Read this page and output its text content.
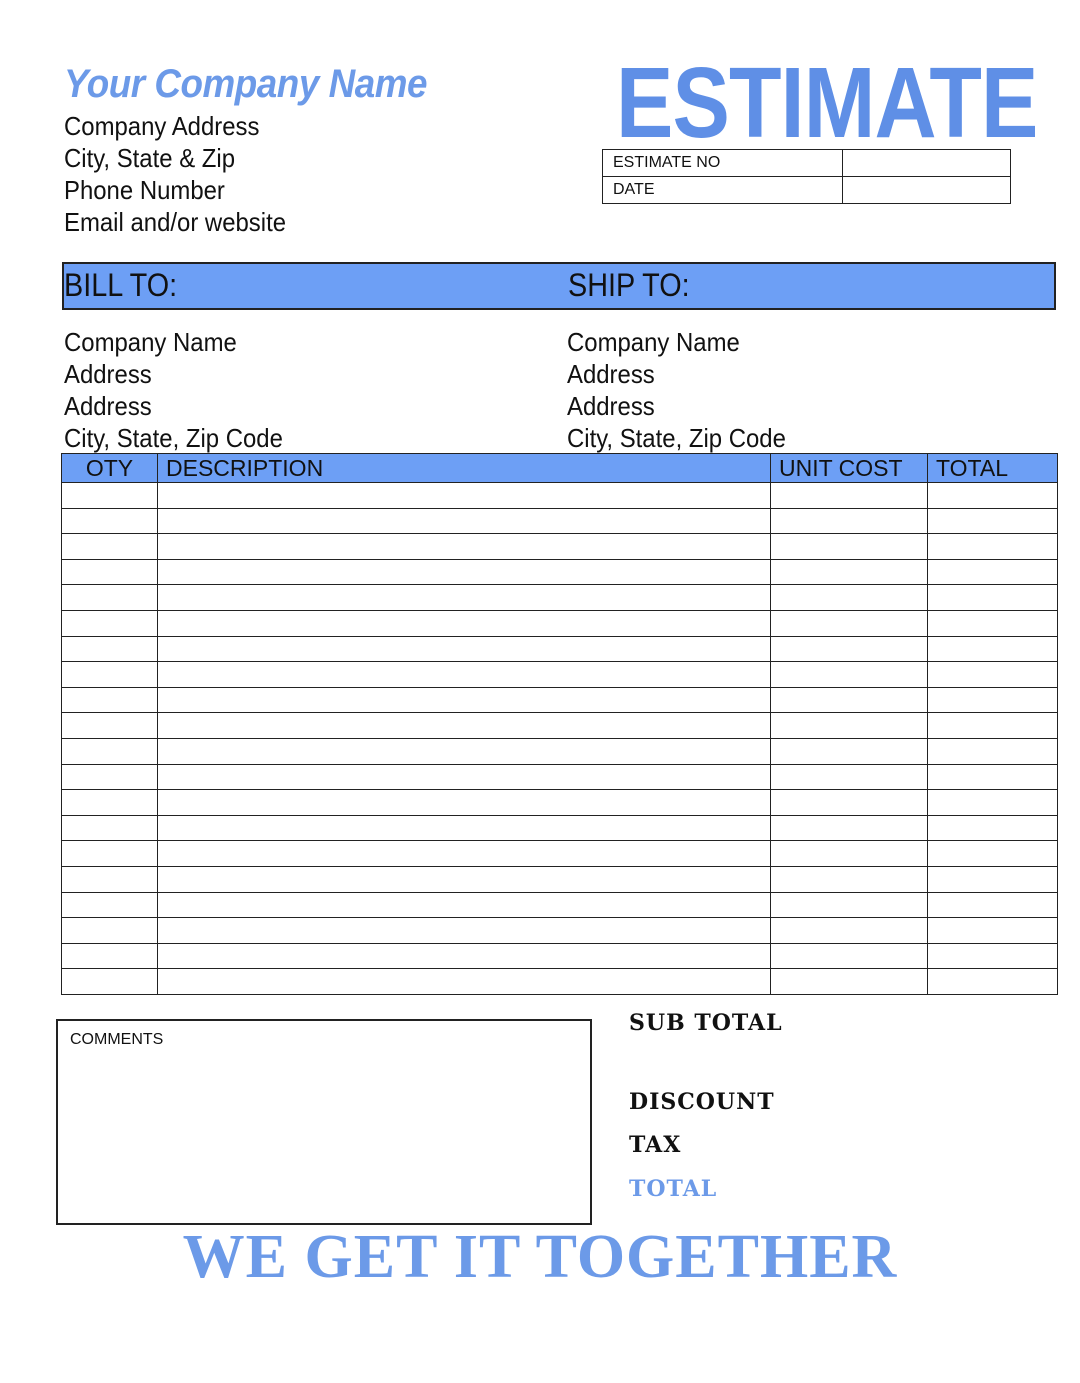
Your Company Name
Company Address
City, State & Zip
Phone Number
Email and/or website
ESTIMATE
ESTIMATE NO	
DATE	
BILL TO:	SHIP TO:
Company Name
Address
Address
City, State, Zip Code
Company Name
Address
Address
City, State, Zip Code
OTY	DESCRIPTION	UNIT COST	TOTAL

COMMENTS
SUB TOTAL
DISCOUNT
TAX
TOTAL
WE GET IT TOGETHER
